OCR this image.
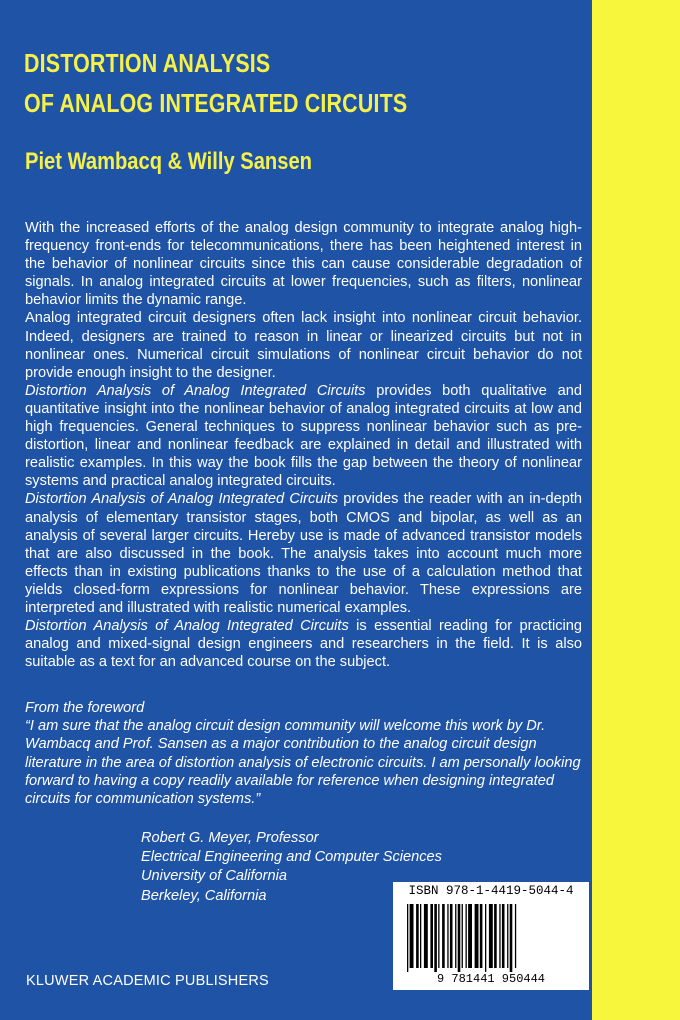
DISTORTION ANALYSIS
OF ANALOG INTEGRATED CIRCUITS
Piet Wambacq & Willy Sansen

With the increased efforts of the analog design community to integrate analog high-frequency front-ends for telecommunications, there has been heightened interest in the behavior of nonlinear circuits since this can cause considerable degradation of signals. In analog integrated circuits at lower frequencies, such as filters, nonlinear behavior limits the dynamic range.

Analog integrated circuit designers often lack insight into nonlinear circuit behavior. Indeed, designers are trained to reason in linear or linearized circuits but not in nonlinear ones. Numerical circuit simulations of nonlinear circuit behavior do not provide enough insight to the designer.

Distortion Analysis of Analog Integrated Circuits provides both qualitative and quantitative insight into the nonlinear behavior of analog integrated circuits at low and high frequencies. General techniques to suppress nonlinear behavior such as pre-distortion, linear and nonlinear feedback are explained in detail and illustrated with realistic examples. In this way the book fills the gap between the theory of nonlinear systems and practical analog integrated circuits.

Distortion Analysis of Analog Integrated Circuits provides the reader with an in-depth analysis of elementary transistor stages, both CMOS and bipolar, as well as an analysis of several larger circuits. Hereby use is made of advanced transistor models that are also discussed in the book. The analysis takes into account much more effects than in existing publications thanks to the use of a calculation method that yields closed-form expressions for nonlinear behavior. These expressions are interpreted and illustrated with realistic numerical examples.

Distortion Analysis of Analog Integrated Circuits is essential reading for practicing analog and mixed-signal design engineers and researchers in the field. It is also suitable as a text for an advanced course on the subject.

From the foreword

“I am sure that the analog circuit design community will welcome this work by Dr. Wambacq and Prof. Sansen as a major contribution to the analog circuit design literature in the area of distortion analysis of electronic circuits. I am personally looking forward to having a copy readily available for reference when designing integrated circuits for communication systems.”

Robert G. Meyer, Professor
Electrical Engineering and Computer Sciences
University of California
Berkeley, California	ISBN 978-1-4419-5044-4
9 781441 950444
KLUWER ACADEMIC PUBLISHERS
